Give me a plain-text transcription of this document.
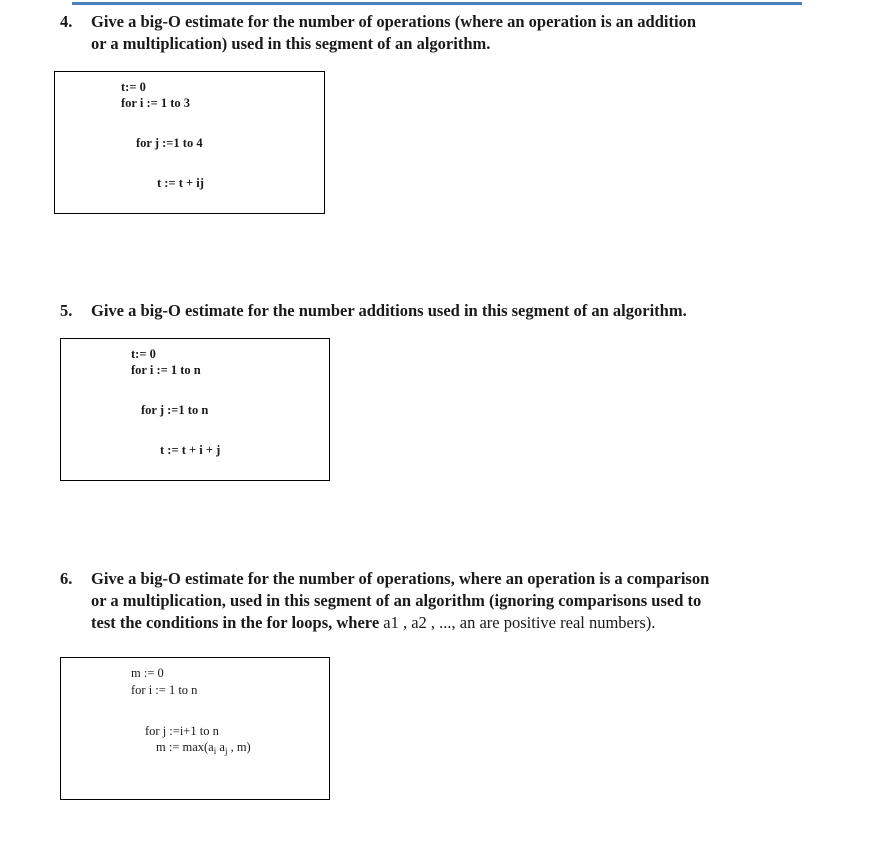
4. Give a big-O estimate for the number of operations (where an operation is an addition
or a multiplication) used in this segment of an algorithm.
t:= 0
for i := 1 to 3
for j :=1 to 4
t := t + ij
5. Give a big-O estimate for the number additions used in this segment of an algorithm.
t:= 0
for i := 1 to n
for j :=1 to n
t := t + i + j
6. Give a big-O estimate for the number of operations, where an operation is a comparison
or a multiplication, used in this segment of an algorithm (ignoring comparisons used to
test the conditions in the for loops, where a1 , a2 , ..., an are positive real numbers).
m := 0
for i := 1 to n
for j :=i+1 to n
m := $\max(a_i$ $a_j$ , m)
